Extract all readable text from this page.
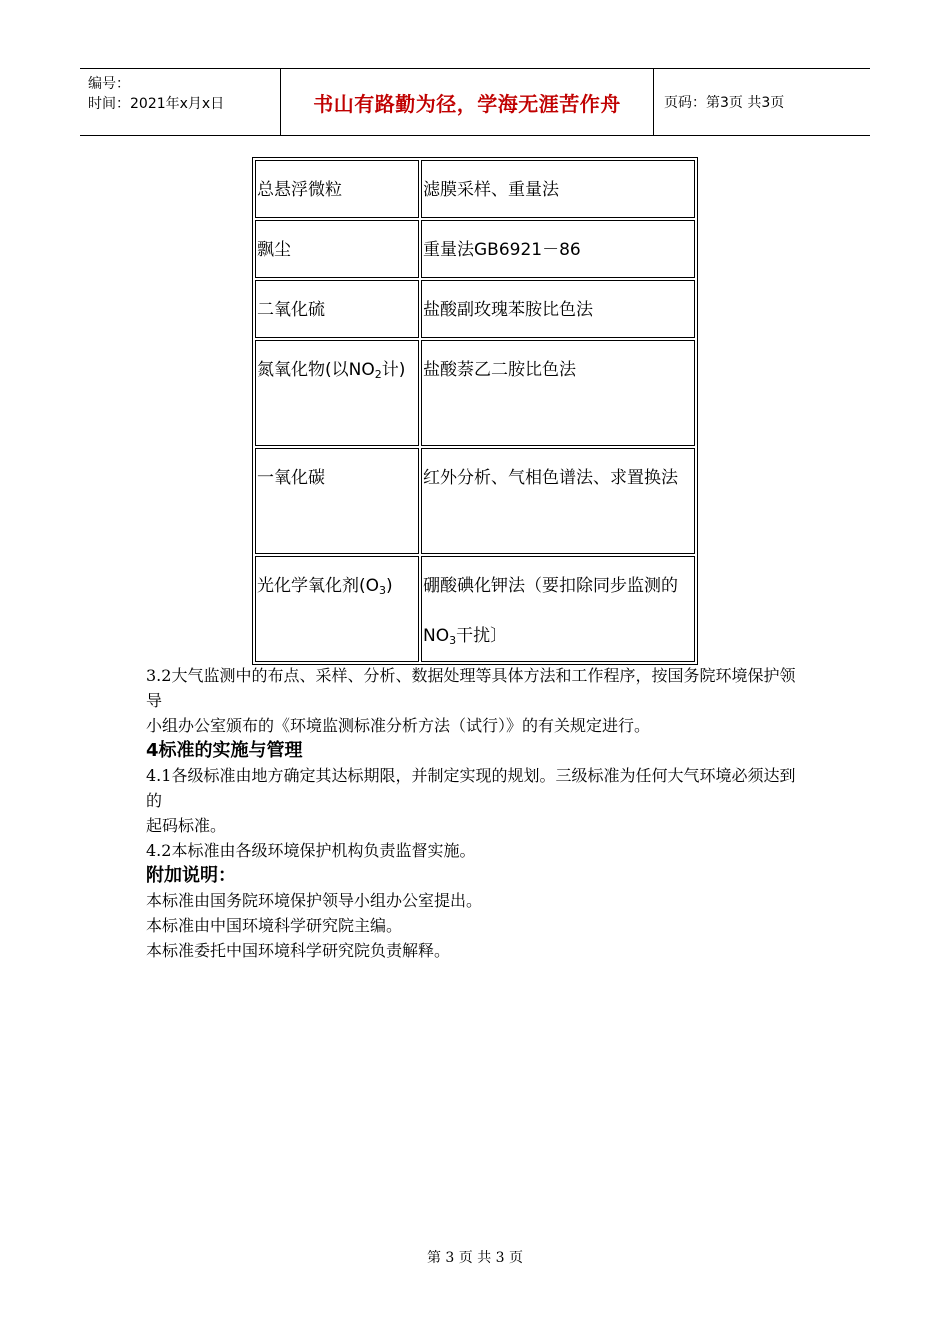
编号：
时间：2021年x月x日	书山有路勤为径，学海无涯苦作舟	页码：第3页 共3页
总悬浮微粒	滤膜采样、重量法
飘尘	重量法GB6921－86
二氧化硫	盐酸副玫瑰苯胺比色法
氮氧化物(以$NO_2$计)	盐酸萘乙二胺比色法
一氧化碳	红外分析、气相色谱法、求置换法
光化学氧化剂$(O_3)$	硼酸碘化钾法（要扣除同步监测的$NO_3$干扰〕

3.2大气监测中的布点、采样、分析、数据处理等具体方法和工作程序，按国务院环境保护领导

小组办公室颁布的《环境监测标准分析方法（试行）》的有关规定进行。

4标准的实施与管理

4.1各级标准由地方确定其达标期限，并制定实现的规划。三级标准为任何大气环境必须达到的

起码标准。

4.2本标准由各级环境保护机构负责监督实施。

附加说明：

本标准由国务院环境保护领导小组办公室提出。

本标准由中国环境科学研究院主编。

本标准委托中国环境科学研究院负责解释。

第 3 页 共 3 页
